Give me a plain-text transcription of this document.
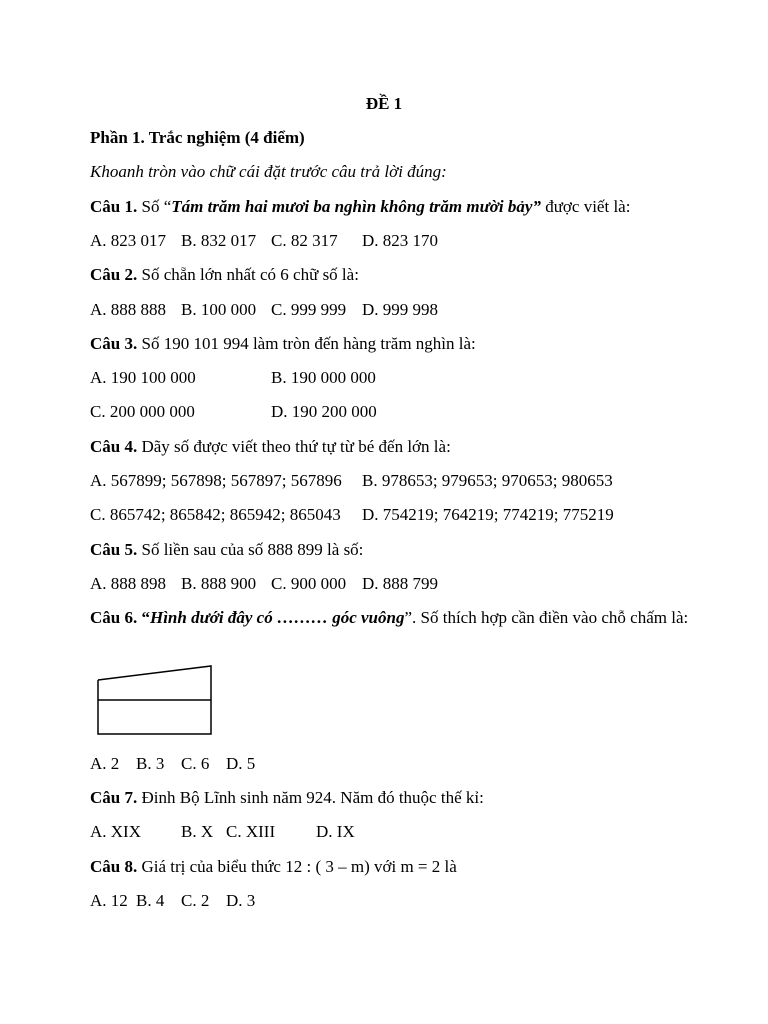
ĐỀ 1
Phần 1. Trắc nghiệm (4 điểm)
Khoanh tròn vào chữ cái đặt trước câu trả lời đúng:
Câu 1. Số “Tám trăm hai mươi ba nghìn không trăm mười bảy” được viết là:
A. 823 017 B. 832 017 C. 82 317 D. 823 170
Câu 2. Số chẵn lớn nhất có 6 chữ số là:
A. 888 888 B. 100 000 C. 999 999 D. 999 998
Câu 3. Số 190 101 994 làm tròn đến hàng trăm nghìn là:
A. 190 100 000	B. 190 000 000
C. 200 000 000	D. 190 200 000
Câu 4. Dãy số được viết theo thứ tự từ bé đến lớn là:
A. 567899; 567898; 567897; 567896 B. 978653; 979653; 970653; 980653
C. 865742; 865842; 865942; 865043 D. 754219; 764219; 774219; 775219
Câu 5. Số liền sau của số 888 899 là số:
A. 888 898 B. 888 900 C. 900 000 D. 888 799
Câu 6. “Hình dưới đây có ……… góc vuông”. Số thích hợp cần điền vào chỗ chấm là:
A. 2 B. 3 C. 6 D. 5
Câu 7. Đinh Bộ Lĩnh sinh năm 924. Năm đó thuộc thế kỉ:
A. XIX B. X C. XIII D. IX
Câu 8. Giá trị của biểu thức 12 : ( 3 – m) với m = 2 là
A. 12 B. 4 C. 2 D. 3
